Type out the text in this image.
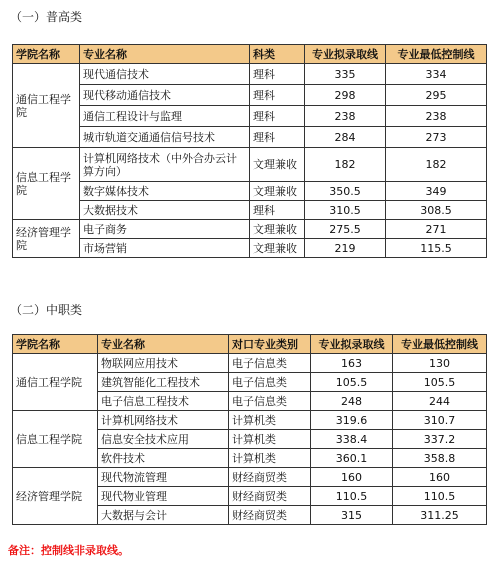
（一）普高类
学院名称	专业名称	科类	专业拟录取线	专业最低控制线
通信工程学院	现代通信技术	理科	335	334
	现代移动通信技术	理科	298	295
	通信工程设计与监理	理科	238	238
	城市轨道交通通信信号技术	理科	284	273
信息工程学院	计算机网络技术（中外合办云计算方向）	文理兼收	182	182
	数字媒体技术	文理兼收	350.5	349
	大数据技术	理科	310.5	308.5
经济管理学院	电子商务	文理兼收	275.5	271
	市场营销	文理兼收	219	115.5
（二）中职类
学院名称	专业名称	对口专业类别	专业拟录取线	专业最低控制线
通信工程学院	物联网应用技术	电子信息类	163	130
	建筑智能化工程技术	电子信息类	105.5	105.5
	电子信息工程技术	电子信息类	248	244
信息工程学院	计算机网络技术	计算机类	319.6	310.7
	信息安全技术应用	计算机类	338.4	337.2
	软件技术	计算机类	360.1	358.8
经济管理学院	现代物流管理	财经商贸类	160	160
	现代物业管理	财经商贸类	110.5	110.5
	大数据与会计	财经商贸类	315	311.25
备注：控制线非录取线。
